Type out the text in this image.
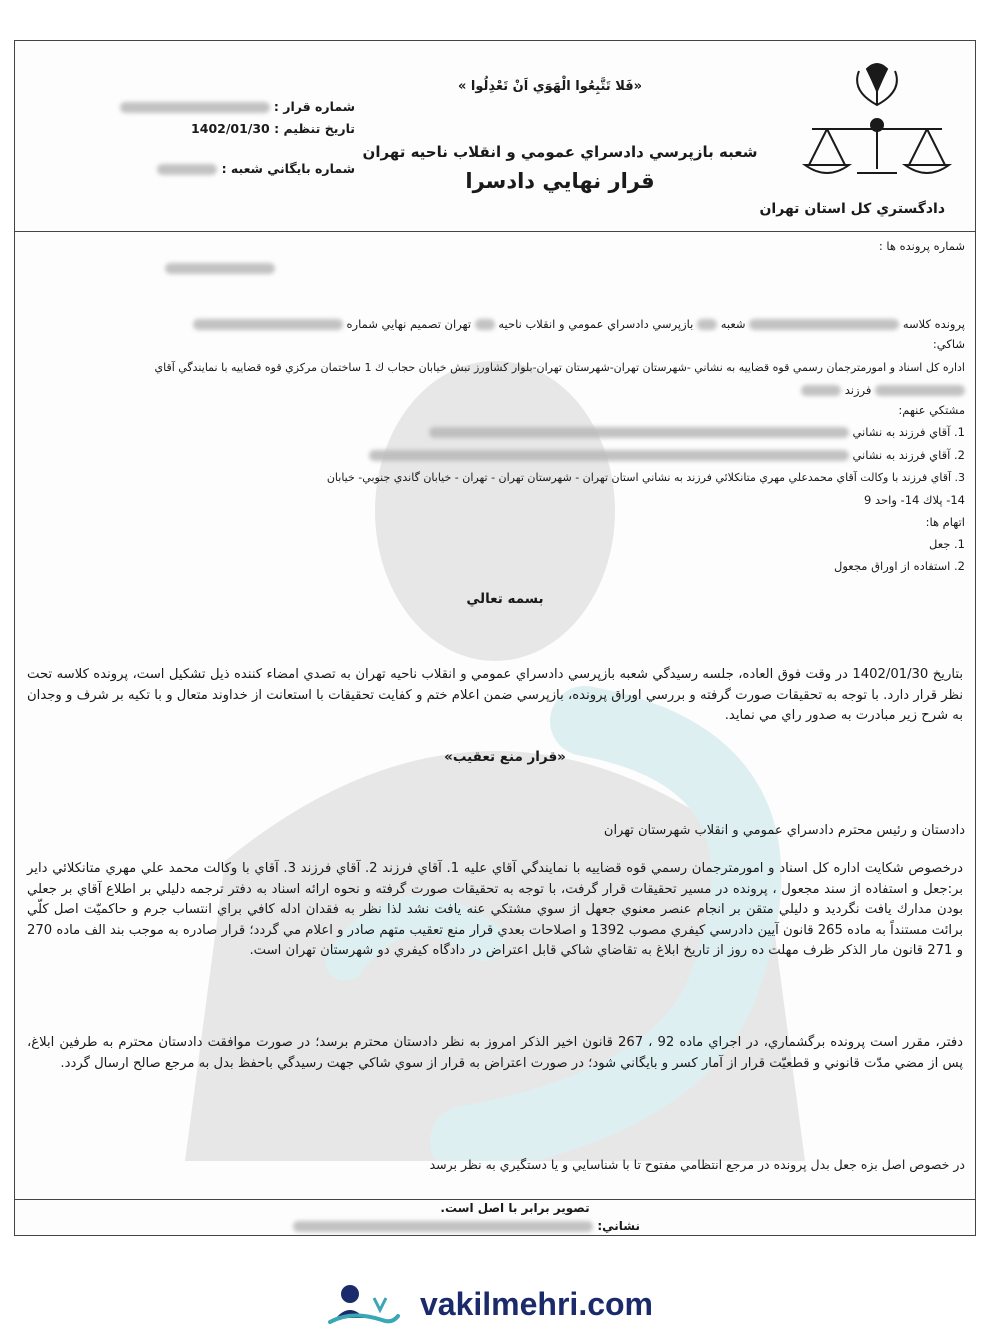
دادگستري کل استان تهران
«فَلا تَتَّبِعُوا الْهَوَي اَنْ تَعْدِلُوا »
شعبه بازپرسي دادسراي عمومي و انقلاب ناحيه تهران
قرار نهايي دادسرا
شماره قرار :
تاريخ تنظيم : 1402/01/30
شماره بايگاني شعبه :
شماره پرونده ها :
پرونده كلاسه  شعبه  بازپرسي دادسراي عمومي و انقلاب ناحيه  تهران تصميم نهايي شماره
شاكي:
اداره كل اسناد و امورمترجمان رسمي قوه قضاييه به نشاني -شهرستان تهران-شهرستان تهران-بلوار كشاورز نبش خيابان حجاب ك 1 ساختمان مركزي قوه قضاييه با نمايندگي آقاي
فرزند
مشتكي عنهم:
1. آقاي فرزند به نشاني
2. آقاي فرزند به نشاني
3. آقاي فرزند با وكالت آقاي محمدعلي مهري متانكلائي فرزند به نشاني استان تهران - شهرستان تهران - تهران - خيابان گاندي جنوبي- خيابان
14- پلاك 14- واحد 9
اتهام ها:
1. جعل
2. استفاده از اوراق مجعول
بسمه تعالي
بتاريخ 1402/01/30 در وقت فوق العاده، جلسه رسيدگي شعبه بازپرسي دادسراي عمومي و انقلاب ناحيه تهران به تصدي امضاء كننده ذيل تشكيل است، پرونده كلاسه تحت نظر قرار دارد. با توجه به تحقيقات صورت گرفته و بررسي اوراق پرونده، بازپرسي ضمن اعلام ختم و كفايت تحقيقات با استعانت از خداوند متعال و با تكيه بر شرف و وجدان به شرح زير مبادرت به صدور راي مي نمايد.
«قرار منع تعقيب»
دادستان و رئيس محترم دادسراي عمومي و انقلاب شهرستان تهران
درخصوص شكايت اداره كل اسناد و امورمترجمان رسمي قوه قضاييه با نمايندگي آقاي عليه 1. آقاي فرزند 2. آقاي فرزند 3. آقاي با وكالت محمد علي مهري متانكلائي داير بر:جعل و استفاده از سند مجعول ، پرونده در مسير تحقيقات قرار گرفت، با توجه به تحقيقات صورت گرفته و نحوه ارائه اسناد به دفتر ترجمه دليلي بر اطلاع آقاي بر جعلي بودن مدارك يافت نگرديد و دليلي متقن بر انجام عنصر معنوي جعهل از سوي مشتكي عنه يافت نشد لذا نظر به فقدان ادله كافي براي انتساب جرم و حاكميّت اصل كلّي برائت مستنداً به ماده 265 قانون آيين دادرسي كيفري مصوب 1392 و اصلاحات بعدي قرار منع تعقيب متهم صادر و اعلام مي گردد؛ قرار صادره به موجب بند الف ماده 270 و 271 قانون مار الذكر ظرف مهلت ده روز از تاريخ ابلاغ به تقاضاي شاكي قابل اعتراض در دادگاه كيفري دو شهرستان تهران است.
دفتر، مقرر است پرونده برگشماري، در اجراي ماده 92 ، 267 قانون اخير الذكر امروز به نظر دادستان محترم برسد؛ در صورت موافقت دادستان محترم به طرفين ابلاغ، پس از مضي مدّت قانوني و قطعيّت قرار از آمار كسر و بايگاني شود؛ در صورت اعتراض به قرار از سوي شاكي جهت رسيدگي باحفظ بدل به مرجع صالح ارسال گردد.
در خصوص اصل بزه جعل بدل پرونده در مرجع انتظامي مفتوح تا با شناسايي و يا دستگيري به نظر برسد
تصوير برابر با اصل است.
نشاني:
vakilmehri.com
